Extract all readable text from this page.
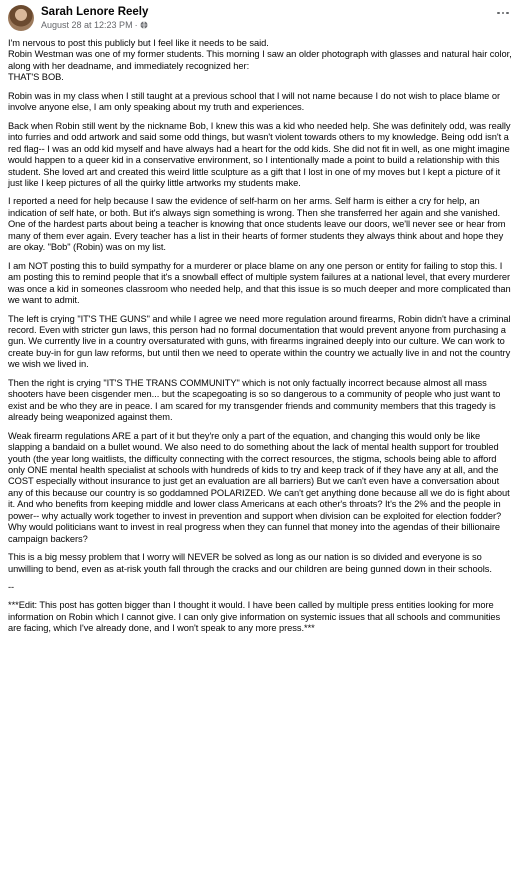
Sarah Lenore Reely
August 28 at 12:23 PM ·

I'm nervous to post this publicly but I feel like it needs to be said.
Robin Westman was one of my former students. This morning I saw an older photograph with glasses and natural hair color, along with her deadname, and immediately recognized her:
THAT'S BOB.

Robin was in my class when I still taught at a previous school that I will not name because I do not wish to place blame or involve anyone else, I am only speaking about my truth and experiences.

Back when Robin still went by the nickname Bob, I knew this was a kid who needed help. She was definitely odd, was really into furries and odd artwork and said some odd things, but wasn't violent towards others to my knowledge. Being odd isn't a red flag-- I was an odd kid myself and have always had a heart for the odd kids. She did not fit in well, as one might imagine would happen to a queer kid in a conservative environment, so I intentionally made a point to build a relationship with this student. She loved art and created this weird little sculpture as a gift that I lost in one of my moves but I kept a picture of it just like I keep pictures of all the quirky little artworks my students make.

I reported a need for help because I saw the evidence of self-harm on her arms. Self harm is either a cry for help, an indication of self hate, or both. But it's always sign something is wrong. Then she transferred her again and she vanished. One of the hardest parts about being a teacher is knowing that once students leave our doors, we'll never see or hear from many of them ever again. Every teacher has a list in their hearts of former students they always think about and hope they are okay. "Bob" (Robin) was on my list.

I am NOT posting this to build sympathy for a murderer or place blame on any one person or entity for failing to stop this. I am posting this to remind people that it's a snowball effect of multiple system failures at a national level, that every murderer was once a kid in someones classroom who needed help, and that this issue is so much deeper and more complicated than we want to admit.

The left is crying "IT'S THE GUNS" and while I agree we need more regulation around firearms, Robin didn't have a criminal record. Even with stricter gun laws, this person had no formal documentation that would prevent anyone from purchasing a gun. We currently live in a country oversaturated with guns, with firearms ingrained deeply into our culture. We can work to create buy-in for gun law reforms, but until then we need to operate within the country we actually live in and not the country we wish we lived in.

Then the right is crying "IT'S THE TRANS COMMUNITY" which is not only factually incorrect because almost all mass shooters have been cisgender men... but the scapegoating is so so dangerous to a community of people who just want to exist and be who they are in peace. I am scared for my transgender friends and community members that this tragedy is already being weaponized against them.

Weak firearm regulations ARE a part of it but they're only a part of the equation, and changing this would only be like slapping a bandaid on a bullet wound. We also need to do something about the lack of mental health support for troubled youth (the year long waitlists, the difficulty connecting with the correct resources, the stigma, schools being able to afford only ONE mental health specialist at schools with hundreds of kids to try and keep track of if they have any at all, and the COST especially without insurance to just get an evaluation are all barriers) But we can't even have a conversation about any of this because our country is so goddamned POLARIZED. We can't get anything done because all we do is fight about it. And who benefits from keeping middle and lower class Americans at each other's throats? It's the 2% and the people in power-- why actually work together to invest in prevention and support when division can be exploited for election fodder? Why would politicians want to invest in real progress when they can funnel that money into the agendas of their billionaire campaign backers?

This is a big messy problem that I worry will NEVER be solved as long as our nation is so divided and everyone is so unwilling to bend, even as at-risk youth fall through the cracks and our children are being gunned down in their schools.

--

***Edit: This post has gotten bigger than I thought it would. I have been called by multiple press entities looking for more information on Robin which I cannot give. I can only give information on systemic issues that all schools and communities are facing, which I've already done, and I won't speak to any more press.***
